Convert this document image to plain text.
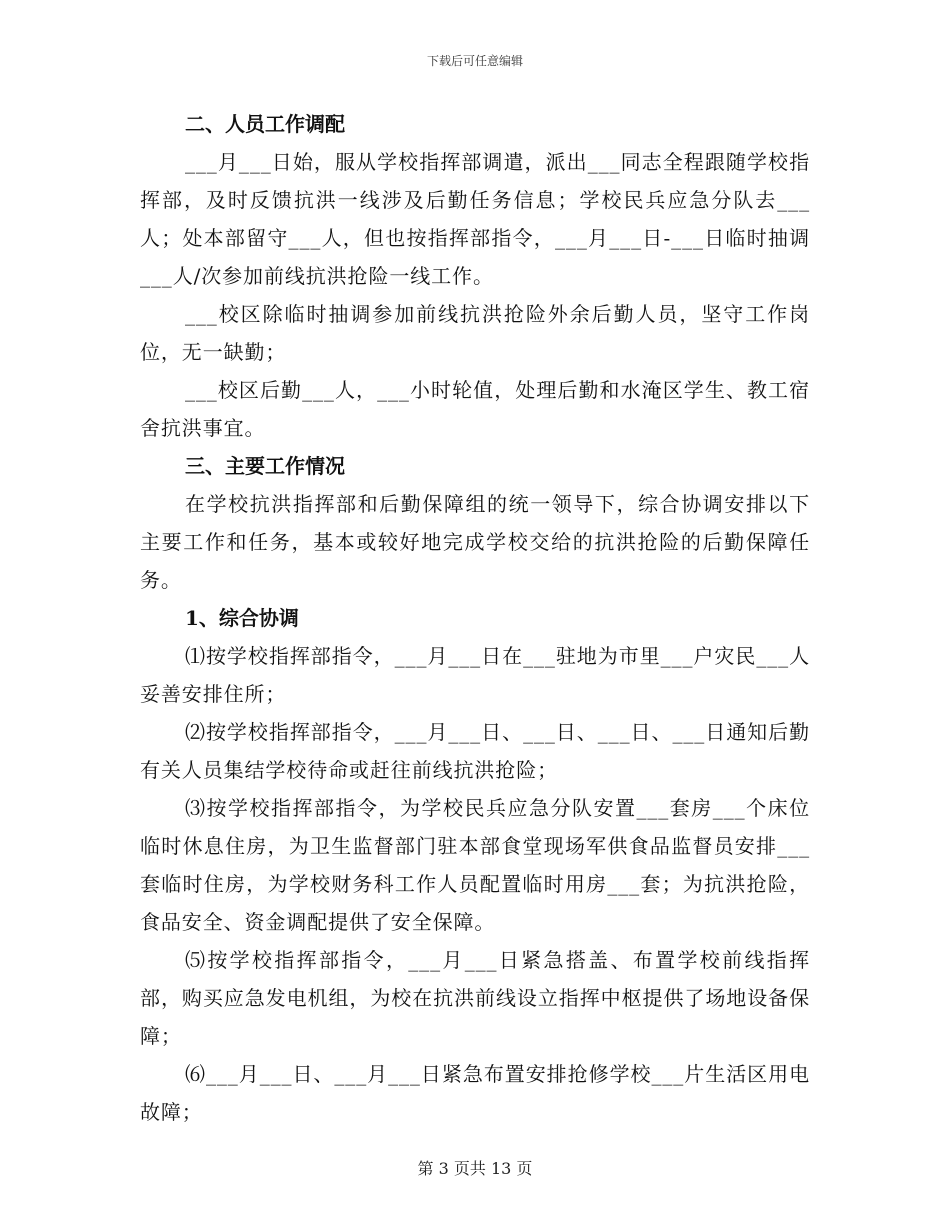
下载后可任意编辑

二、人员工作调配

___月___日始，服从学校指挥部调遣，派出___同志全程跟随学校指挥部，及时反馈抗洪一线涉及后勤任务信息；学校民兵应急分队去___人；处本部留守___人，但也按指挥部指令，___月___日-___日临时抽调___人/次参加前线抗洪抢险一线工作。

___校区除临时抽调参加前线抗洪抢险外余后勤人员，坚守工作岗位，无一缺勤；

___校区后勤___人，___小时轮值，处理后勤和水淹区学生、教工宿舍抗洪事宜。

三、主要工作情况

在学校抗洪指挥部和后勤保障组的统一领导下，综合协调安排以下主要工作和任务，基本或较好地完成学校交给的抗洪抢险的后勤保障任务。

1、综合协调

⑴按学校指挥部指令，___月___日在___驻地为市里___户灾民___人妥善安排住所；

⑵按学校指挥部指令，___月___日、___日、___日、___日通知后勤有关人员集结学校待命或赶往前线抗洪抢险；

⑶按学校指挥部指令，为学校民兵应急分队安置___套房___个床位临时休息住房，为卫生监督部门驻本部食堂现场军供食品监督员安排___套临时住房，为学校财务科工作人员配置临时用房___套；为抗洪抢险，食品安全、资金调配提供了安全保障。

⑸按学校指挥部指令，___月___日紧急搭盖、布置学校前线指挥部，购买应急发电机组，为校在抗洪前线设立指挥中枢提供了场地设备保障；

⑹___月___日、___月___日紧急布置安排抢修学校___片生活区用电故障；

第 3 页共 13 页
